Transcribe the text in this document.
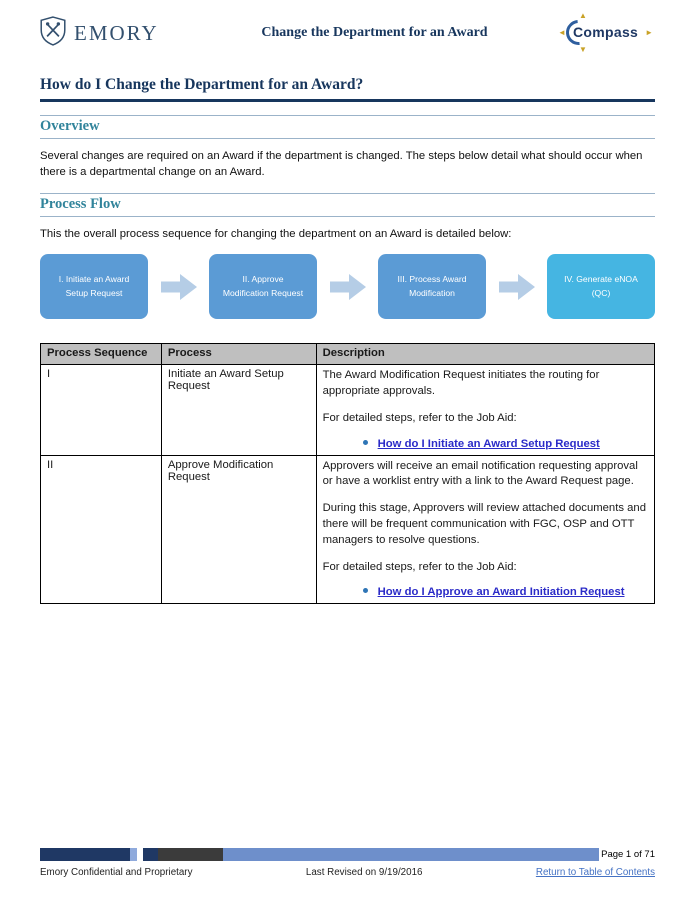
EMORY	Change the Department for an Award	Compass
▲
▼
◄	►
How do I Change the Department for an Award?
Overview

Several changes are required on an Award if the department is changed. The steps below detail what should occur when there is a departmental change on an Award.

Process Flow

This the overall process sequence for changing the department on an Award is detailed below:

I. Initiate an Award
Setup Request
II. Approve
Modification Request
III. Process Award
Modification
IV. Generate eNOA
(QC)
Process Sequence	Process	Description
I	Initiate an Award Setup Request	The Award Modification Request initiates the routing for appropriate approvals.
For detailed steps, refer to the Job Aid:
How do I Initiate an Award Setup Request

II	Approve Modification Request	Approvers will receive an email notification requesting approval or have a worklist entry with a link to the Award Request page.
During this stage, Approvers will review attached documents and there will be frequent communication with FGC, OSP and OTT managers to resolve questions.
For detailed steps, refer to the Job Aid:
How do I Approve an Award Initiation Request
Page 1 of 71
Emory Confidential and Proprietary	Last Revised on 9/19/2016	Return to Table of Contents
